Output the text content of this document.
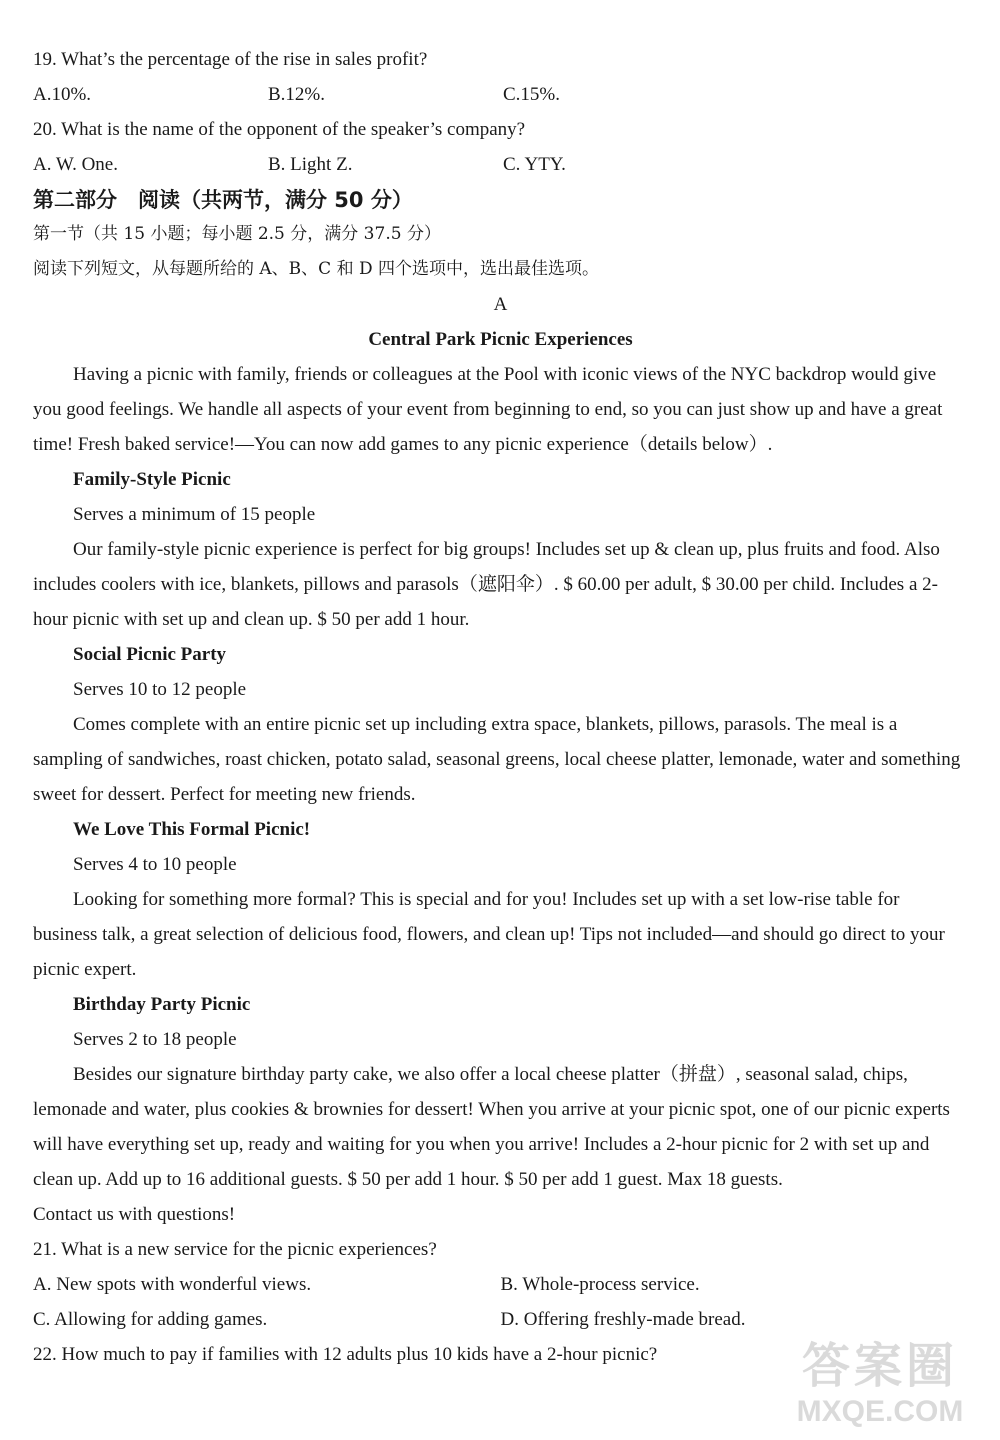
19. What’s the percentage of the rise in sales profit?
A.10%.	B.12%.	C.15%.
20. What is the name of the opponent of the speaker’s company?
A. W. One.	B. Light Z.	C. YTY.
第二部分　阅读（共两节，满分 50 分）
第一节（共 15 小题；每小题 2.5 分，满分 37.5 分）
阅读下列短文，从每题所给的 A、B、C 和 D 四个选项中，选出最佳选项。
A
Central Park Picnic Experiences
Having a picnic with family, friends or colleagues at the Pool with iconic views of the NYC backdrop would give you good feelings. We handle all aspects of your event from beginning to end, so you can just show up and have a great time! Fresh baked service!—You can now add games to any picnic experience（details below）.
Family-Style Picnic
Serves a minimum of 15 people
Our family-style picnic experience is perfect for big groups! Includes set up & clean up, plus fruits and food. Also includes coolers with ice, blankets, pillows and parasols（遮阳伞）. $ 60.00 per adult, $ 30.00 per child. Includes a 2-hour picnic with set up and clean up. $ 50 per add 1 hour.
Social Picnic Party
Serves 10 to 12 people
Comes complete with an entire picnic set up including extra space, blankets, pillows, parasols. The meal is a sampling of sandwiches, roast chicken, potato salad, seasonal greens, local cheese platter, lemonade, water and something sweet for dessert. Perfect for meeting new friends.
We Love This Formal Picnic!
Serves 4 to 10 people
Looking for something more formal? This is special and for you! Includes set up with a set low-rise table for business talk, a great selection of delicious food, flowers, and clean up! Tips not included—and should go direct to your picnic expert.
Birthday Party Picnic
Serves 2 to 18 people
Besides our signature birthday party cake, we also offer a local cheese platter（拼盘）, seasonal salad, chips, lemonade and water, plus cookies & brownies for dessert! When you arrive at your picnic spot, one of our picnic experts will have everything set up, ready and waiting for you when you arrive! Includes a 2-hour picnic for 2 with set up and clean up. Add up to 16 additional guests. $ 50 per add 1 hour. $ 50 per add 1 guest. Max 18 guests.
Contact us with questions!
21. What is a new service for the picnic experiences?
A. New spots with wonderful views.	B. Whole-process service.
C. Allowing for adding games.	D. Offering freshly-made bread.
22. How much to pay if families with 12 adults plus 10 kids have a 2-hour picnic?	答案圈
MXQE.COM
